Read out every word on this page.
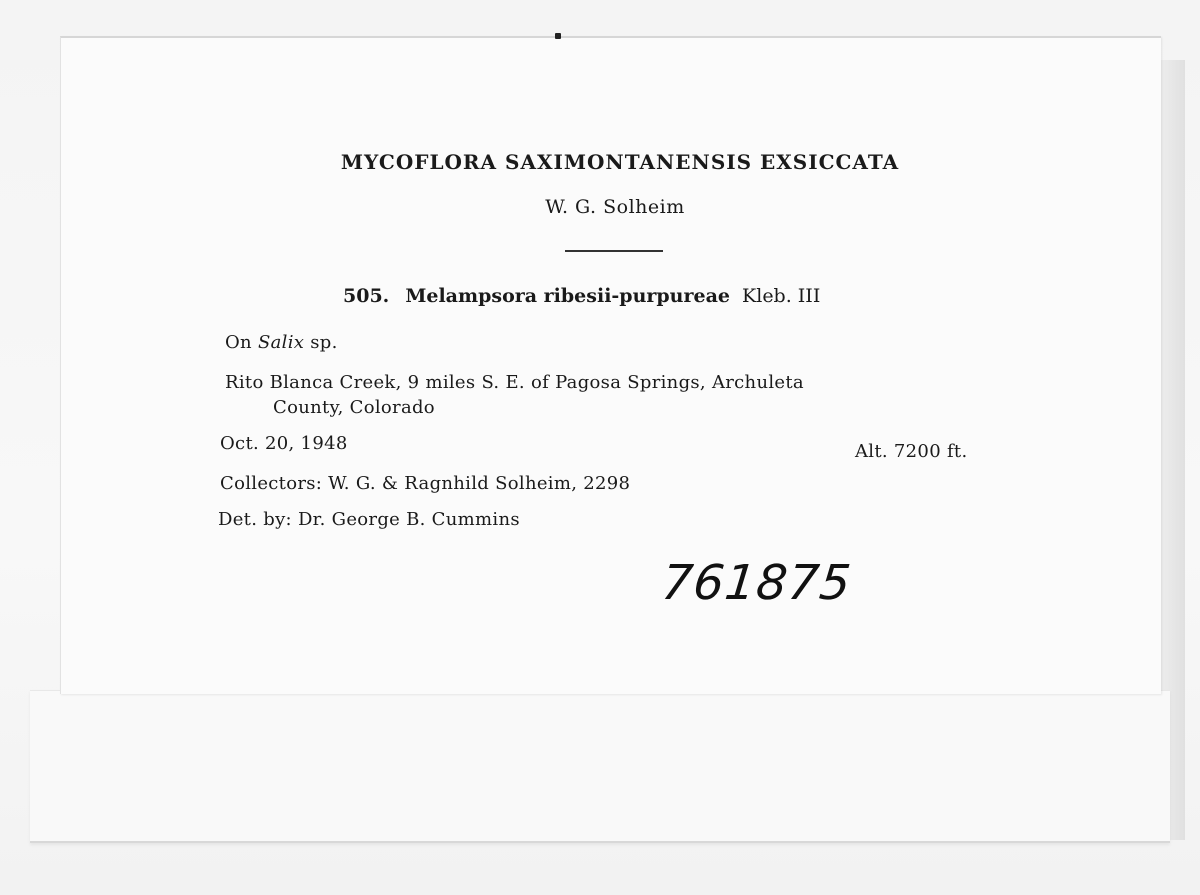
MYCOFLORA SAXIMONTANENSIS EXSICCATA
W. G. Solheim
505. Melampsora ribesii-purpureae Kleb. III
On Salix sp.
Rito Blanca Creek, 9 miles S. E. of Pagosa Springs, Archuleta
County, Colorado
Oct. 20, 1948	Alt. 7200 ft.
Collectors: W. G. & Ragnhild Solheim, 2298
Det. by: Dr. George B. Cummins
761875
